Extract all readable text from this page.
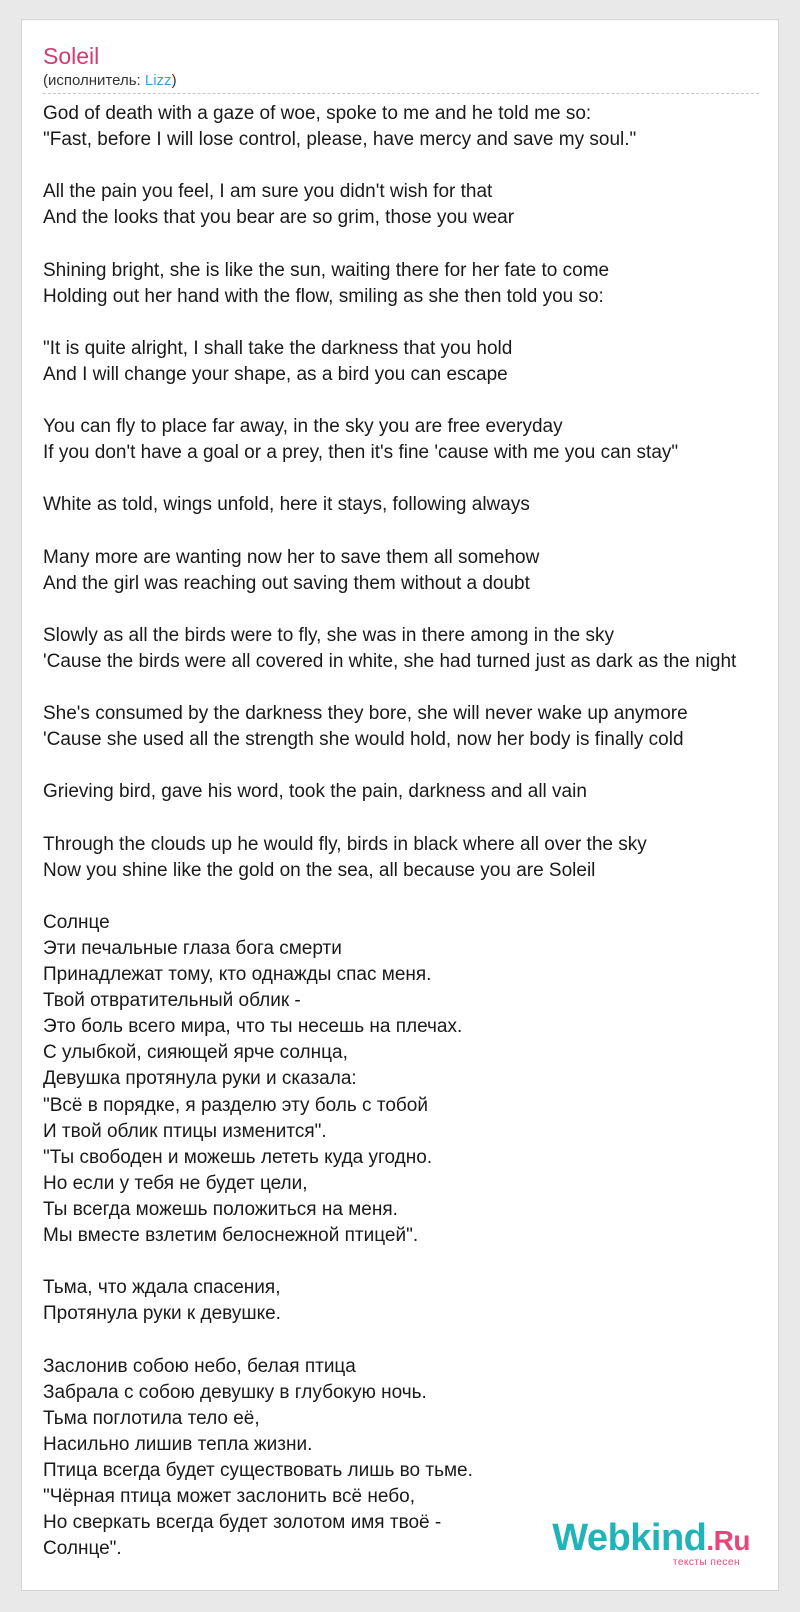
Soleil
(исполнитель: Lizz)
God of death with a gaze of woe, spoke to me and he told me so:
"Fast, before I will lose control, please, have mercy and save my soul."
All the pain you feel, I am sure you didn't wish for that
And the looks that you bear are so grim, those you wear
Shining bright, she is like the sun, waiting there for her fate to come
Holding out her hand with the flow, smiling as she then told you so:
"It is quite alright, I shall take the darkness that you hold
And I will change your shape, as a bird you can escape
You can fly to place far away, in the sky you are free everyday
If you don't have a goal or a prey, then it's fine 'cause with me you can stay"
White as told, wings unfold, here it stays, following always
Many more are wanting now her to save them all somehow
And the girl was reaching out saving them without a doubt
Slowly as all the birds were to fly, she was in there among in the sky
'Cause the birds were all covered in white, she had turned just as dark as the night
She's consumed by the darkness they bore, she will never wake up anymore
'Cause she used all the strength she would hold, now her body is finally cold
Grieving bird, gave his word, took the pain, darkness and all vain
Through the clouds up he would fly, birds in black where all over the sky
Now you shine like the gold on the sea, all because you are Soleil
Солнце
Эти печальные глаза бога смерти
Принадлежат тому, кто однажды спас меня.
Твой отвратительный облик -
Это боль всего мира, что ты несешь на плечах.
С улыбкой, сияющей ярче солнца,
Девушка протянула руки и сказала:
"Всё в порядке, я разделю эту боль с тобой
И твой облик птицы изменится".
"Ты свободен и можешь лететь куда угодно.
Но если у тебя не будет цели,
Ты всегда можешь положиться на меня.
Мы вместе взлетим белоснежной птицей".
Тьма, что ждала спасения,
Протянула руки к девушке.
Заслонив собою небо, белая птица
Забрала с собою девушку в глубокую ночь.
Тьма поглотила тело её,
Насильно лишив тепла жизни.
Птица всегда будет существовать лишь во тьме.
"Чёрная птица может заслонить всё небо,
Но сверкать всегда будет золотом имя твоё -
Солнце".	Webkind.Ru
тексты песен
